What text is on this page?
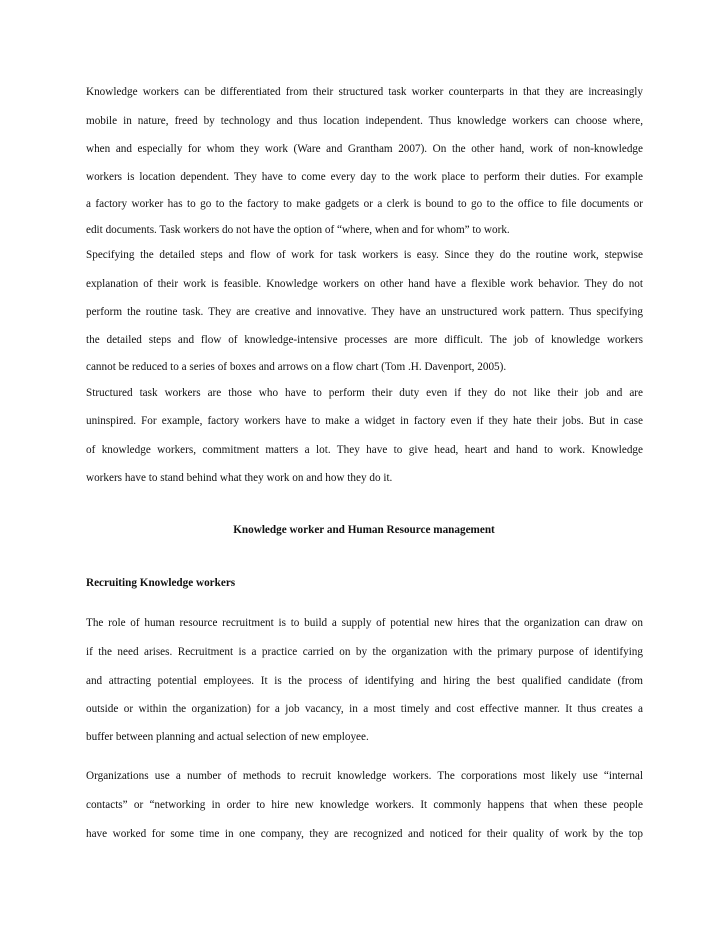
Knowledge workers can be differentiated from their structured task worker counterparts in that they are increasingly
mobile in nature, freed by technology and thus location independent. Thus knowledge workers can choose where,
when and especially for whom they work (Ware and Grantham 2007). On the other hand, work of non-knowledge
workers is location dependent. They have to come every day to the work place to perform their duties. For example
a factory worker has to go to the factory to make gadgets or a clerk is bound to go to the office to file documents or
edit documents. Task workers do not have the option of “where, when and for whom” to work.
Specifying the detailed steps and flow of work for task workers is easy. Since they do the routine work, stepwise
explanation of their work is feasible. Knowledge workers on other hand have a flexible work behavior. They do not
perform the routine task. They are creative and innovative. They have an unstructured work pattern. Thus specifying
the detailed steps and flow of knowledge-intensive processes are more difficult. The job of knowledge workers
cannot be reduced to a series of boxes and arrows on a flow chart (Tom .H. Davenport, 2005).
Structured task workers are those who have to perform their duty even if they do not like their job and are
uninspired. For example, factory workers have to make a widget in factory even if they hate their jobs. But in case
of knowledge workers, commitment matters a lot. They have to give head, heart and hand to work. Knowledge
workers have to stand behind what they work on and how they do it.
Knowledge worker and Human Resource management
Recruiting Knowledge workers
The role of human resource recruitment is to build a supply of potential new hires that the organization can draw on
if the need arises. Recruitment is a practice carried on by the organization with the primary purpose of identifying
and attracting potential employees. It is the process of identifying and hiring the best qualified candidate (from
outside or within the organization) for a job vacancy, in a most timely and cost effective manner. It thus creates a
buffer between planning and actual selection of new employee.
Organizations use a number of methods to recruit knowledge workers. The corporations most likely use “internal
contacts” or “networking in order to hire new knowledge workers. It commonly happens that when these people
have worked for some time in one company, they are recognized and noticed for their quality of work by the top
